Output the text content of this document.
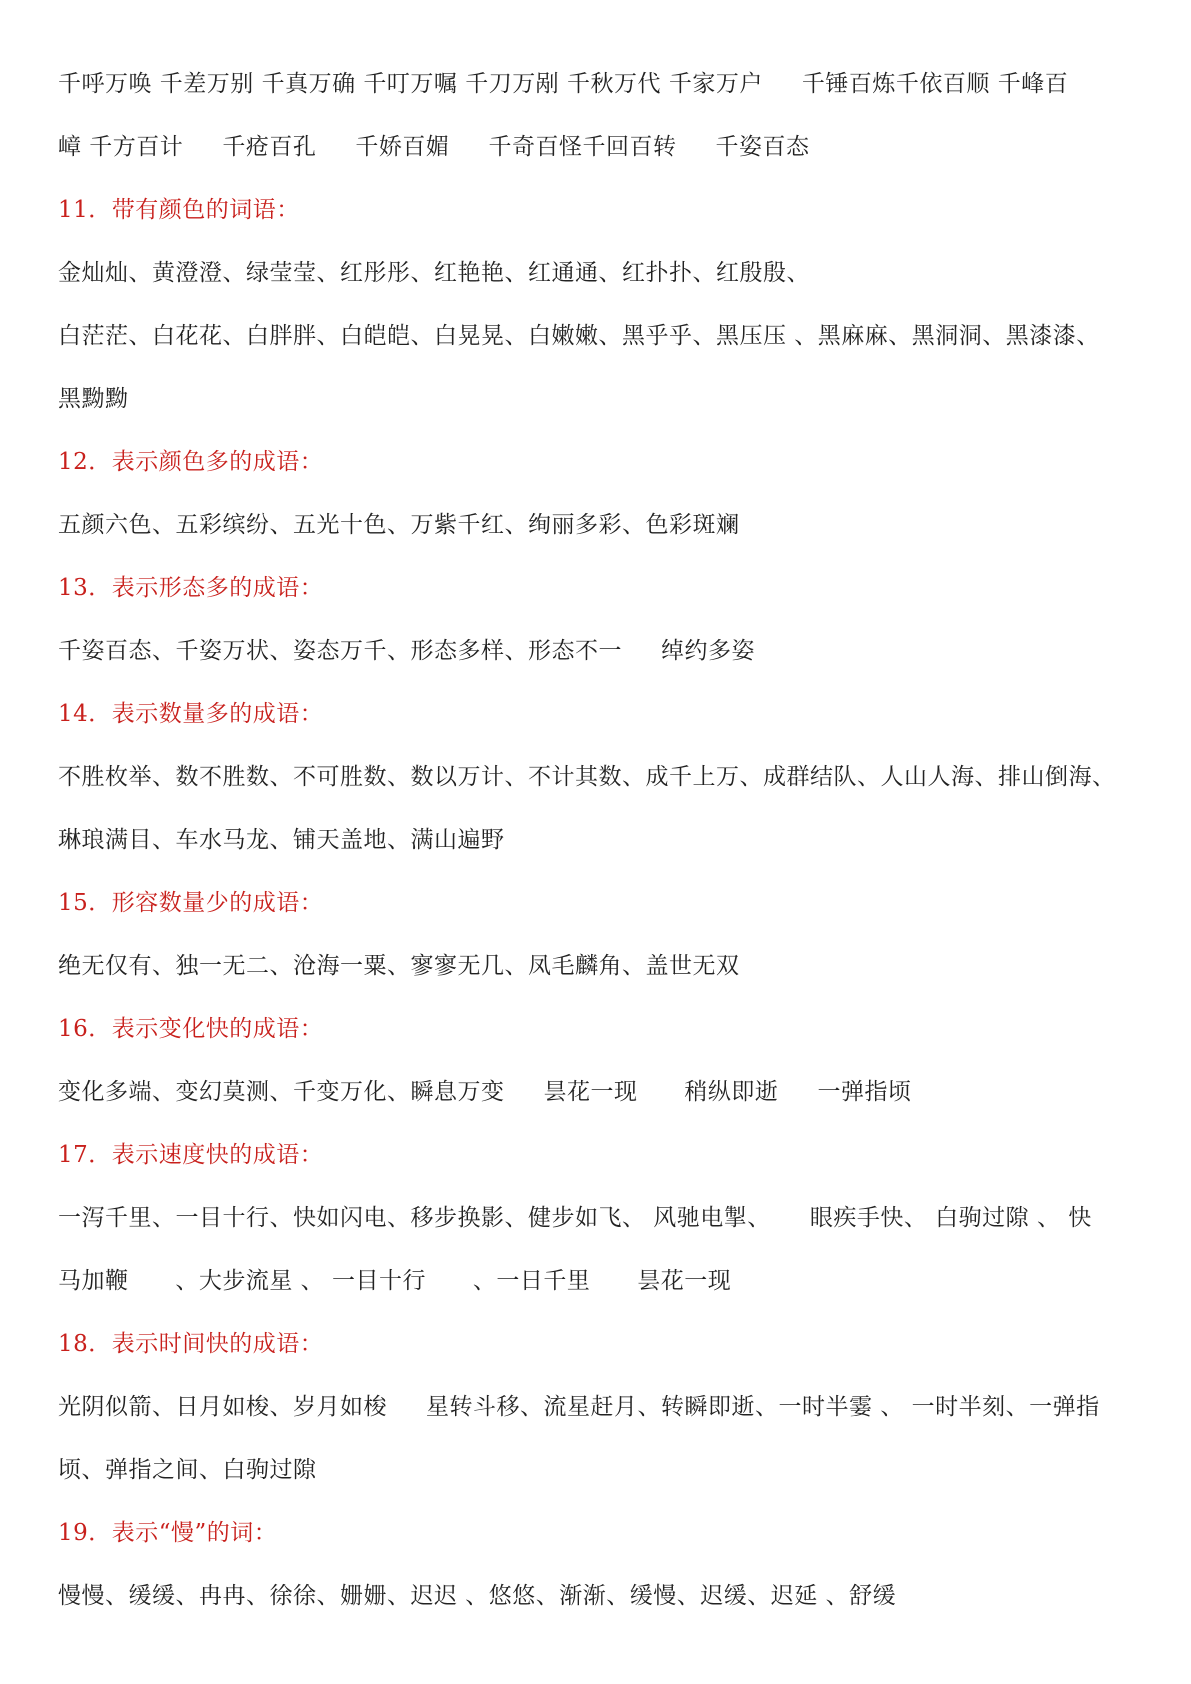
千呼万唤 千差万别 千真万确 千叮万嘱 千刀万剐 千秋万代 千家万户     千锤百炼千依百顺 千峰百
嶂 千方百计     千疮百孔     千娇百媚     千奇百怪千回百转     千姿百态
11．带有颜色的词语：
金灿灿、黄澄澄、绿莹莹、红彤彤、红艳艳、红通通、红扑扑、红殷殷、
白茫茫、白花花、白胖胖、白皑皑、白晃晃、白嫩嫩、黑乎乎、黑压压 、黑麻麻、黑洞洞、黑漆漆、
黑黝黝
12．表示颜色多的成语：
五颜六色、五彩缤纷、五光十色、万紫千红、绚丽多彩、色彩斑斓
13．表示形态多的成语：
千姿百态、千姿万状、姿态万千、形态多样、形态不一     绰约多姿
14．表示数量多的成语：
不胜枚举、数不胜数、不可胜数、数以万计、不计其数、成千上万、成群结队、人山人海、排山倒海、
琳琅满目、车水马龙、铺天盖地、满山遍野
15．形容数量少的成语：
绝无仅有、独一无二、沧海一粟、寥寥无几、凤毛麟角、盖世无双
16．表示变化快的成语：
变化多端、变幻莫测、千变万化、瞬息万变     昙花一现      稍纵即逝     一弹指顷
17．表示速度快的成语：
一泻千里、一目十行、快如闪电、移步换影、健步如飞、 风驰电掣、     眼疾手快、 白驹过隙 、 快
马加鞭      、大步流星 、 一目十行      、一日千里      昙花一现
18．表示时间快的成语：
光阴似箭、日月如梭、岁月如梭     星转斗移、流星赶月、转瞬即逝、一时半霎 、 一时半刻、一弹指
顷、弹指之间、白驹过隙
19．表示“慢”的词：
慢慢、缓缓、冉冉、徐徐、姗姗、迟迟 、悠悠、渐渐、缓慢、迟缓、迟延 、舒缓
